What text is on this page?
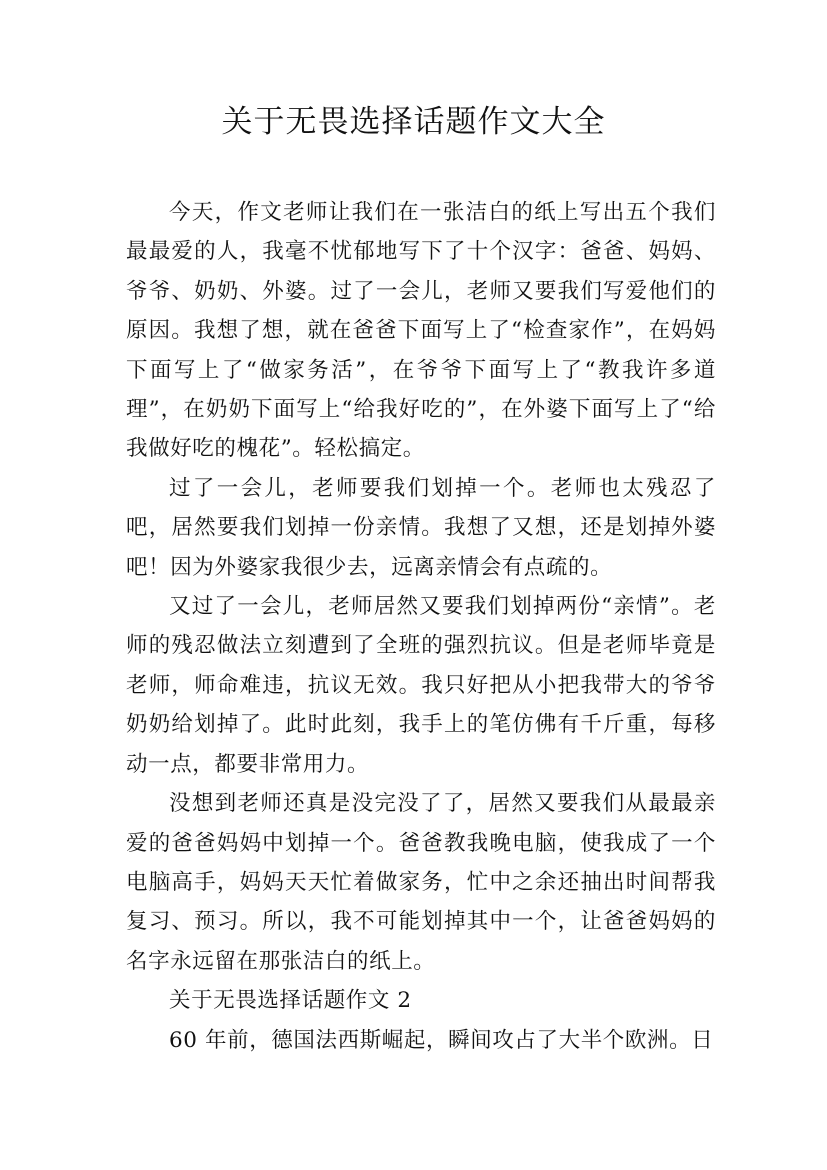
关于无畏选择话题作文大全

今天，作文老师让我们在一张洁白的纸上写出五个我们最最爱的人，我毫不忧郁地写下了十个汉字：爸爸、妈妈、爷爷、奶奶、外婆。过了一会儿，老师又要我们写爱他们的原因。我想了想，就在爸爸下面写上了“检查家作”，在妈妈下面写上了“做家务活”，在爷爷下面写上了“教我许多道理”，在奶奶下面写上“给我好吃的”，在外婆下面写上了“给我做好吃的槐花”。轻松搞定。

过了一会儿，老师要我们划掉一个。老师也太残忍了吧，居然要我们划掉一份亲情。我想了又想，还是划掉外婆吧！因为外婆家我很少去，远离亲情会有点疏的。

又过了一会儿，老师居然又要我们划掉两份“亲情”。老师的残忍做法立刻遭到了全班的强烈抗议。但是老师毕竟是老师，师命难违，抗议无效。我只好把从小把我带大的爷爷奶奶给划掉了。此时此刻，我手上的笔仿佛有千斤重，每移动一点，都要非常用力。

没想到老师还真是没完没了了，居然又要我们从最最亲爱的爸爸妈妈中划掉一个。爸爸教我晚电脑，使我成了一个电脑高手，妈妈天天忙着做家务，忙中之余还抽出时间帮我复习、预习。所以，我不可能划掉其中一个，让爸爸妈妈的名字永远留在那张洁白的纸上。

关于无畏选择话题作文 2

60 年前，德国法西斯崛起，瞬间攻占了大半个欧洲。日
